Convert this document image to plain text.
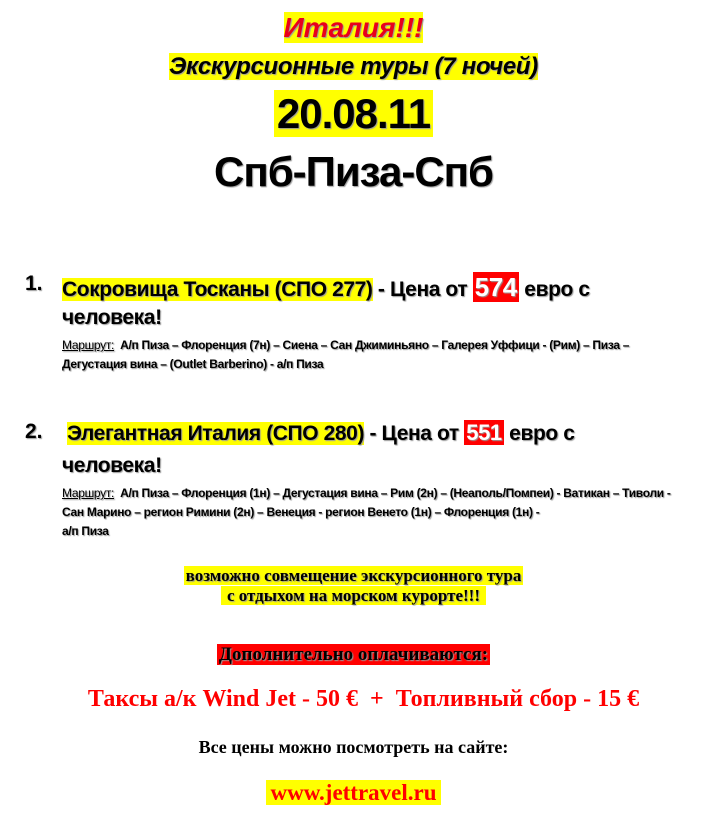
Италия!!!
Экскурсионные туры (7 ночей)
20.08.11
Спб-Пиза-Спб
1. Сокровища Тосканы (СПО 277) - Цена от 574 евро с
человека!
Маршрут: А/п Пиза – Флоренция (7н) – Сиена – Сан Джиминьяно – Галерея Уффици - (Рим) – Пиза – Дегустация вина – (Outlet Barberino) - а/п Пиза
2. Элегантная Италия (СПО 280) - Цена от 551 евро с
человека!
Маршрут: А/п Пиза – Флоренция (1н) – Дегустация вина – Рим (2н) – (Неаполь/Помпеи) - Ватикан – Тиволи - Сан Марино – регион Римини (2н) – Венеция - регион Венето (1н) – Флоренция (1н) -
а/п Пиза
возможно совмещение экскурсионного тура
с отдыхом на морском курорте!!!
Дополнительно оплачиваются:
Таксы а/к Wind Jet - 50 €  +  Топливный сбор - 15 €
Все цены можно посмотреть на сайте:
www.jettravel.ru
